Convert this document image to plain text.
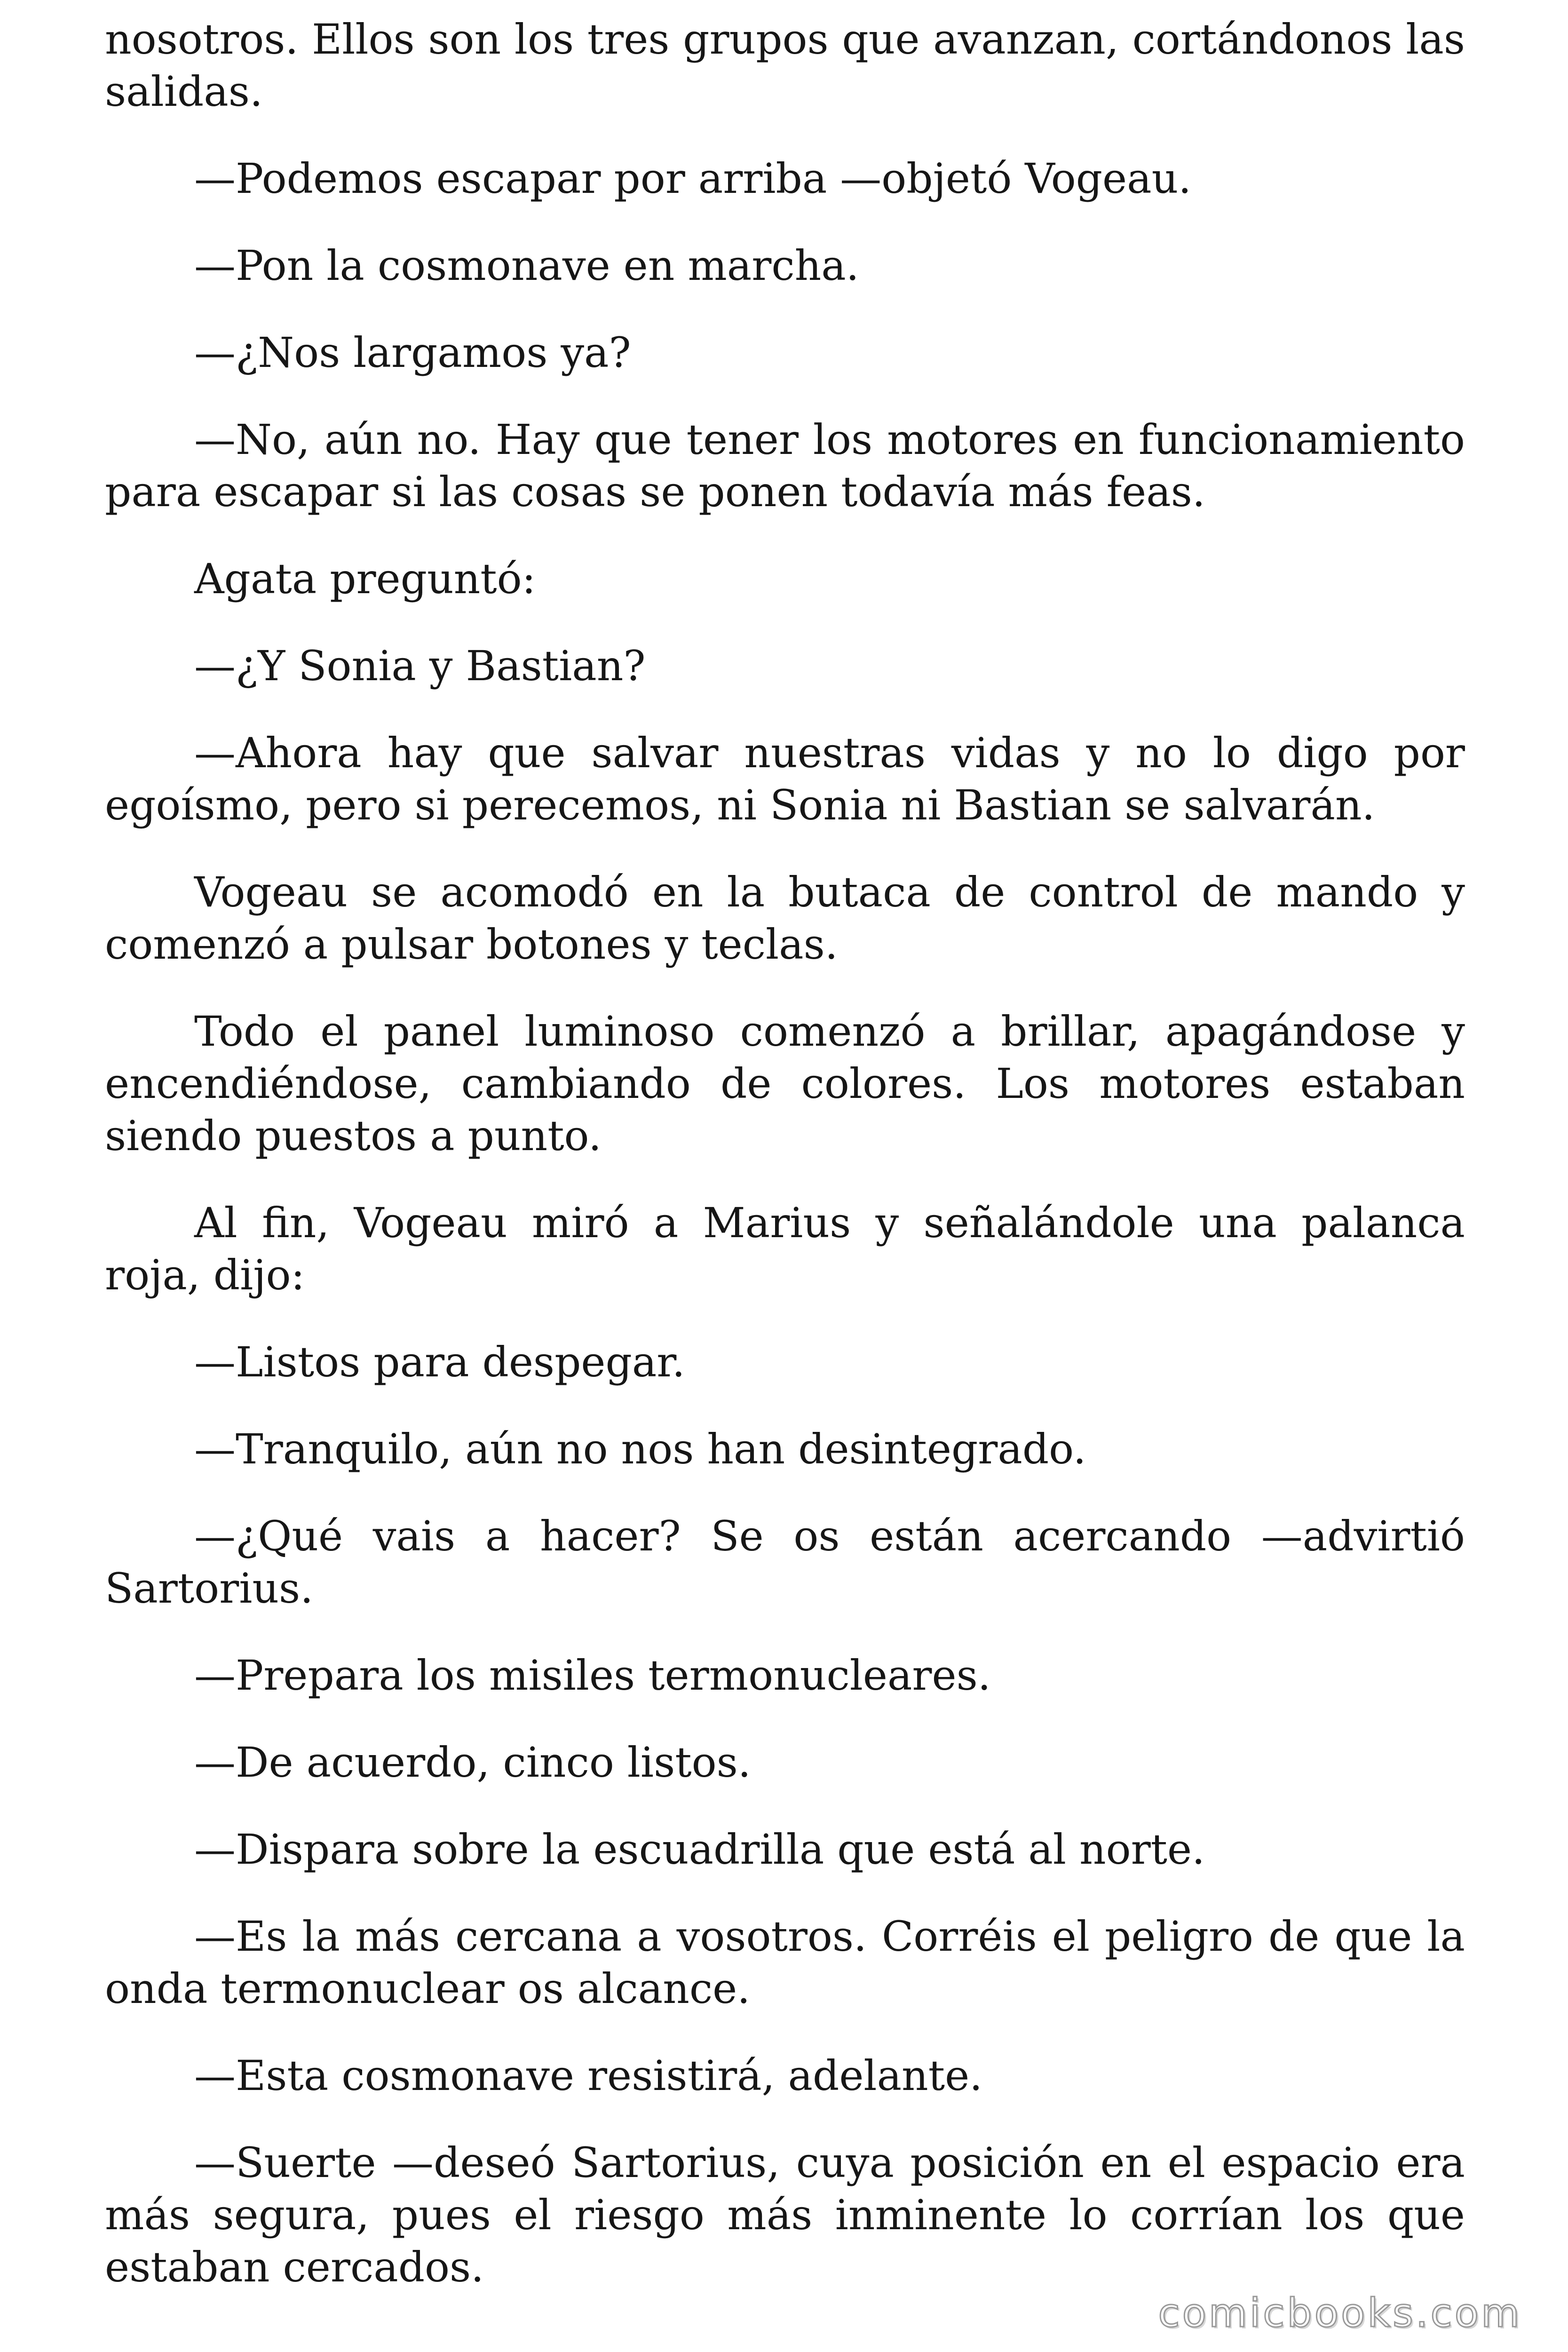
nosotros. Ellos son los tres grupos que avanzan, cortándonos las salidas.

—Podemos escapar por arriba —objetó Vogeau.

—Pon la cosmonave en marcha.

—¿Nos largamos ya?

—No, aún no. Hay que tener los motores en funcionamiento para escapar si las cosas se ponen todavía más feas.

Agata preguntó:

—¿Y Sonia y Bastian?

—Ahora hay que salvar nuestras vidas y no lo digo por egoísmo, pero si perecemos, ni Sonia ni Bastian se salvarán.

Vogeau se acomodó en la butaca de control de mando y comenzó a pulsar botones y teclas.

Todo el panel luminoso comenzó a brillar, apagándose y encendiéndose, cambiando de colores. Los motores estaban siendo puestos a punto.

Al fin, Vogeau miró a Marius y señalándole una palanca roja, dijo:

—Listos para despegar.

—Tranquilo, aún no nos han desintegrado.

—¿Qué vais a hacer? Se os están acercando —advirtió Sartorius.

—Prepara los misiles termonucleares.

—De acuerdo, cinco listos.

—Dispara sobre la escuadrilla que está al norte.

—Es la más cercana a vosotros. Corréis el peligro de que la onda termonuclear os alcance.

—Esta cosmonave resistirá, adelante.

—Suerte —deseó Sartorius, cuya posición en el espacio era más segura, pues el riesgo más inminente lo corrían los que estaban cercados.

comicbooks.com
